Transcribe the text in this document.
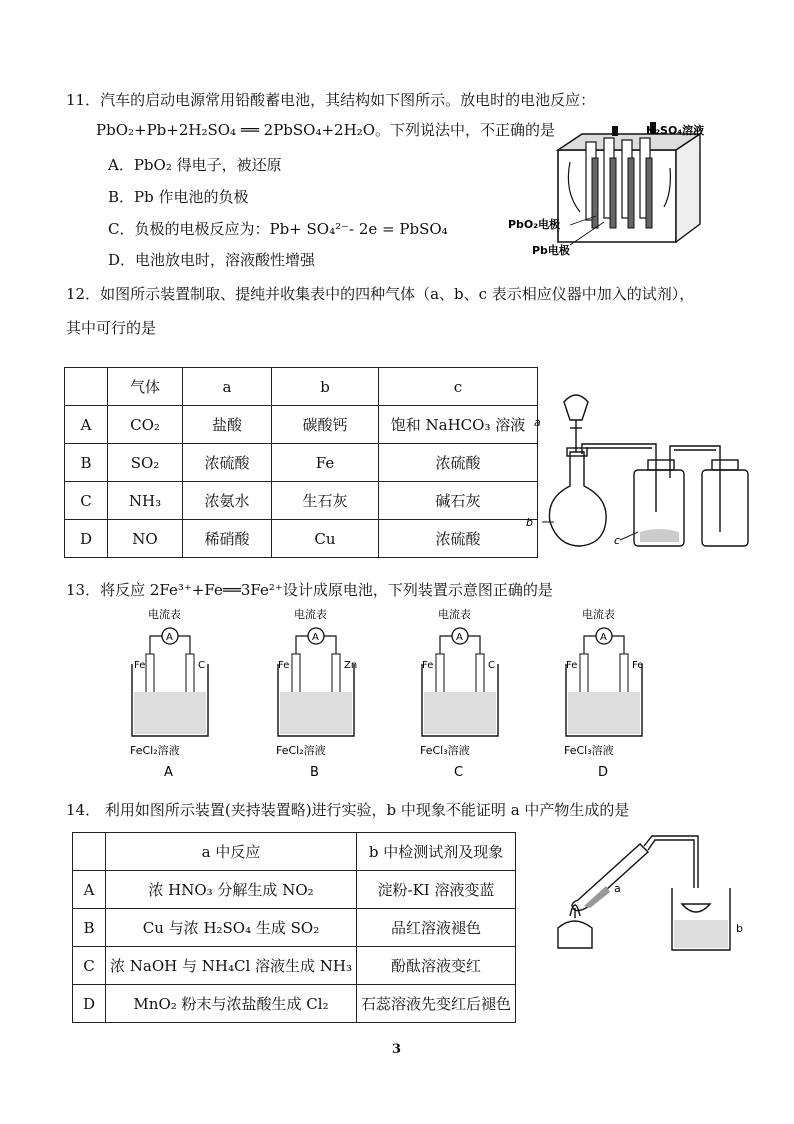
11．汽车的启动电源常用铅酸蓄电池，其结构如下图所示。放电时的电池反应：
PbO₂+Pb+2H₂SO₄ ══ 2PbSO₄+2H₂O。下列说法中，不正确的是
A．PbO₂ 得电子，被还原
B．Pb 作电池的负极
C．负极的电极反应为：Pb+ SO₄²⁻- 2e = PbSO₄
D．电池放电时，溶液酸性增强
H₂SO₄溶液
PbO₂电极
Pb电极
12．如图所示装置制取、提纯并收集表中的四种气体（a、b、c 表示相应仪器中加入的试剂），
其中可行的是
	气体	a	b	c
A	CO₂	盐酸	碳酸钙	饱和 NaHCO₃ 溶液
B	SO₂	浓硫酸	Fe	浓硫酸
C	NH₃	浓氨水	生石灰	碱石灰
D	NO	稀硝酸	Cu	浓硫酸
a
b
c
13．将反应 2Fe³⁺+Fe══3Fe²⁺设计成原电池，下列装置示意图正确的是
电流表
A
Fe	C
FeCl₂溶液
A
电流表
A
Fe	Zn
FeCl₂溶液
B
电流表
A
Fe	C
FeCl₃溶液
C
电流表
A
Fe	Fe
FeCl₃溶液
D
14． 利用如图所示装置(夹持装置略)进行实验，b 中现象不能证明 a 中产物生成的是
	a 中反应	b 中检测试剂及现象
A	浓 HNO₃ 分解生成 NO₂	淀粉-KI 溶液变蓝
B	Cu 与浓 H₂SO₄ 生成 SO₂	品红溶液褪色
C	浓 NaOH 与 NH₄Cl 溶液生成 NH₃	酚酞溶液变红
D	MnO₂ 粉末与浓盐酸生成 Cl₂	石蕊溶液先变红后褪色
a
b
3
